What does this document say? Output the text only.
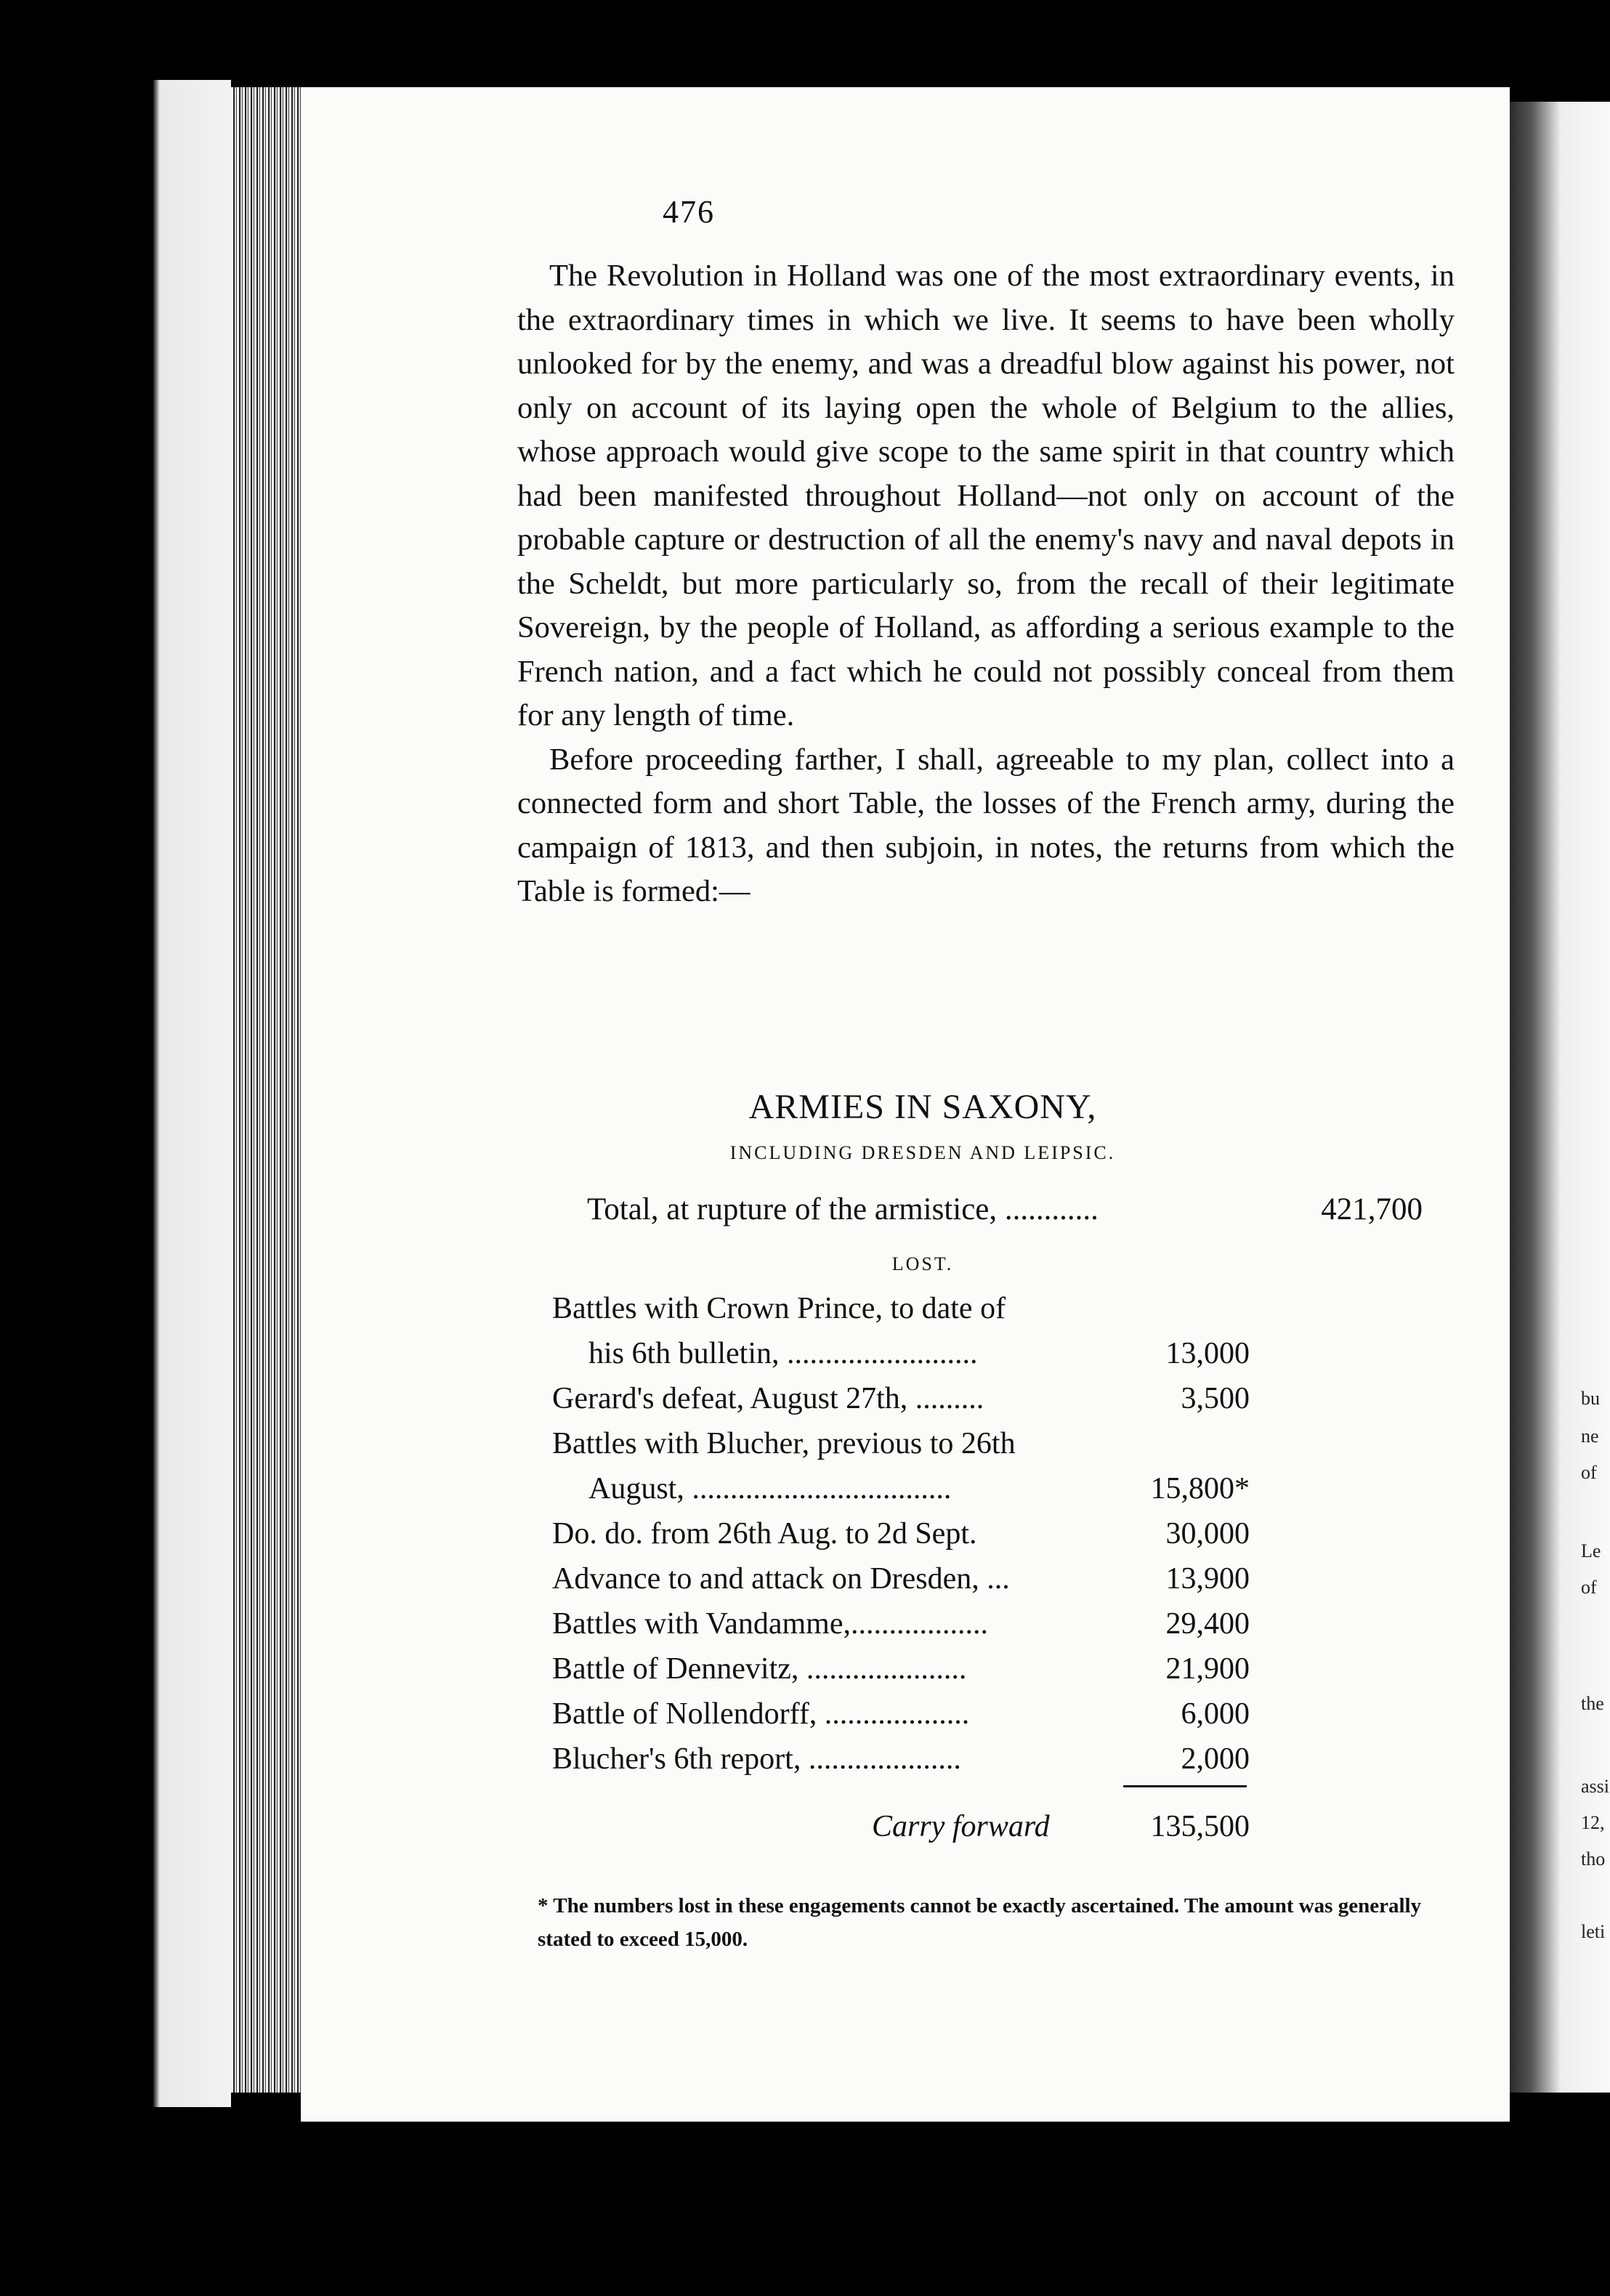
476

The Revolution in Holland was one of the most extraordinary events, in the extraordinary times in which we live. It seems to have been wholly unlooked for by the enemy, and was a dreadful blow against his power, not only on account of its laying open the whole of Belgium to the allies, whose approach would give scope to the same spirit in that country which had been manifested throughout Holland—not only on account of the probable capture or destruction of all the enemy's navy and naval depots in the Scheldt, but more particularly so, from the recall of their legitimate Sovereign, by the people of Holland, as affording a serious example to the French nation, and a fact which he could not possibly conceal from them for any length of time.

Before proceeding farther, I shall, agreeable to my plan, collect into a connected form and short Table, the losses of the French army, during the campaign of 1813, and then subjoin, in notes, the returns from which the Table is formed:—

ARMIES IN SAXONY,
INCLUDING DRESDEN AND LEIPSIC.
Total, at rupture of the armistice, ............	421,700
LOST.
Battles with Crown Prince, to date of
his 6th bulletin, .........................	13,000
Gerard's defeat, August 27th, .........	3,500
Battles with Blucher, previous to 26th
August, ..................................	15,800*
Do. do. from 26th Aug. to 2d Sept.	30,000
Advance to and attack on Dresden, ...	13,900
Battles with Vandamme,..................	29,400
Battle of Dennevitz, .....................	21,900
Battle of Nollendorff, ...................	6,000
Blucher's 6th report, ....................	2,000
Carry forward	135,500
* The numbers lost in these engagements cannot be exactly ascertained. The amount was generally stated to exceed 15,000.
bu
ne
of
Le
of
the
assi
12,
tho
leti
